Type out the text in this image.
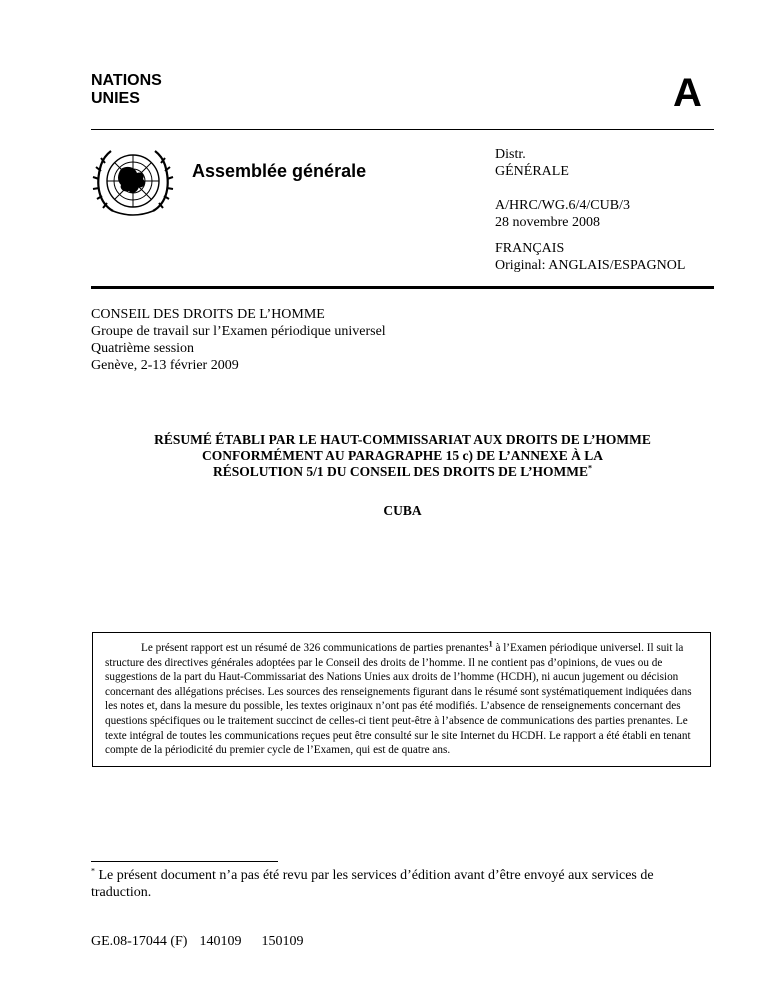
NATIONS
UNIES	A
Assemblée générale
Distr.
GÉNÉRALE
A/HRC/WG.6/4/CUB/3
28 novembre 2008
FRANÇAIS
Original: ANGLAIS/ESPAGNOL
CONSEIL DES DROITS DE L’HOMME
Groupe de travail sur l’Examen périodique universel
Quatrième session
Genève, 2-13 février 2009
RÉSUMÉ ÉTABLI PAR LE HAUT-COMMISSARIAT AUX DROITS DE L’HOMME
CONFORMÉMENT AU PARAGRAPHE 15 c) DE L’ANNEXE À LA
RÉSOLUTION 5/1 DU CONSEIL DES DROITS DE L’HOMME*
CUBA
Le présent rapport est un résumé de 326 communications de parties prenantes$^1$ à l’Examen périodique universel. Il suit la structure des directives générales adoptées par le Conseil des droits de l’homme. Il ne contient pas d’opinions, de vues ou de suggestions de la part du Haut-Commissariat des Nations Unies aux droits de l’homme (HCDH), ni aucun jugement ou décision concernant des allégations précises. Les sources des renseignements figurant dans le résumé sont systématiquement indiquées dans les notes et, dans la mesure du possible, les textes originaux n’ont pas été modifiés. L’absence de renseignements concernant des questions spécifiques ou le traitement succinct de celles-ci tient peut-être à l’absence de communications des parties prenantes. Le texte intégral de toutes les communications reçues peut être consulté sur le site Internet du HCDH. Le rapport a été établi en tenant compte de la périodicité du premier cycle de l’Examen, qui est de quatre ans.
* Le présent document n’a pas été revu par les services d’édition avant d’être envoyé aux services de traduction.
GE.08-17044 (F) 140109 150109
